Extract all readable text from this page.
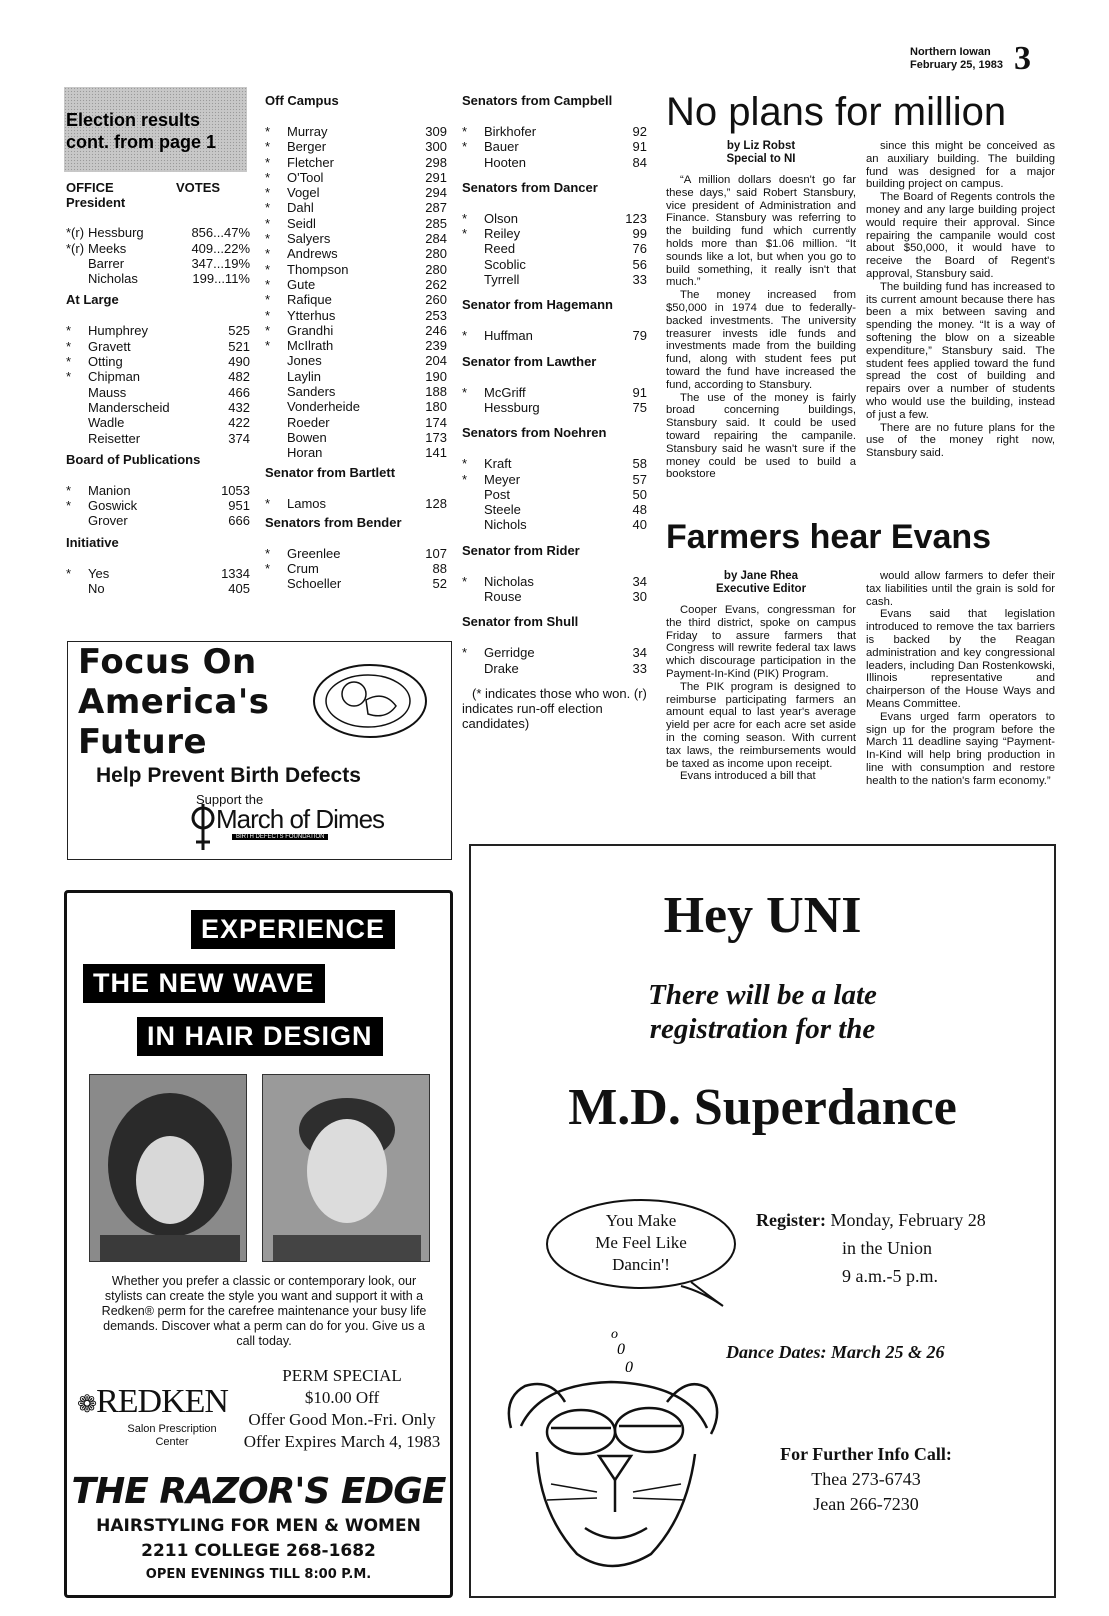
Northern Iowan
February 25, 1983 3
Election results
cont. from page 1
OFFICE	VOTES
President
*(r) Hessburg	856...47%
*(r) Meeks	409...22%
Barrer	347...19%
Nicholas	199...11%
At Large
* Humphrey	525
* Gravett	521
* Otting	490
* Chipman	482
Mauss	466
Manderscheid	432
Wadle	422
Reisetter	374
Board of Publications
* Manion	1053
* Goswick	951
Grover	666
Initiative
* Yes	1334
No	405
Off Campus
* Murray	309
* Berger	300
* Fletcher	298
* O'Tool	291
* Vogel	294
* Dahl	287
* Seidl	285
* Salyers	284
* Andrews	280
* Thompson	280
* Gute	262
* Rafique	260
* Ytterhus	253
* Grandhi	246
* McIlrath	239
Jones	204
Laylin	190
Sanders	188
Vonderheide	180
Roeder	174
Bowen	173
Horan	141
Senator from Bartlett
* Lamos	128
Senators from Bender
* Greenlee	107
* Crum	88
Schoeller	52
Senators from Campbell
* Birkhofer	92
* Bauer	91
Hooten	84
Senators from Dancer
* Olson	123
* Reiley	99
Reed	76
Scoblic	56
Tyrrell	33
Senator from Hagemann
* Huffman	79
Senator from Lawther
* McGriff	91
Hessburg	75
Senators from Noehren
* Kraft	58
* Meyer	57
Post	50
Steele	48
Nichols	40
Senator from Rider
* Nicholas	34
Rouse	30
Senator from Shull
* Gerridge	34
Drake	33
(* indicates those who won. (r) indicates run-off election candidates)
No plans for million
by Liz Robst
Special to NI

“A million dollars doesn't go far these days,” said Robert Stansbury, vice president of Administration and Finance. Stansbury was referring to the building fund which currently holds more than $1.06 million. “It sounds like a lot, but when you go to build something, it really isn't that much.”

The money increased from $50,000 in 1974 due to federally-backed investments. The university treasurer invests idle funds and investments made from the building fund, along with student fees put toward the fund have increased the fund, according to Stansbury.

The use of the money is fairly broad concerning buildings, Stansbury said. It could be used toward repairing the campanile. Stansbury said he wasn't sure if the money could be used to build a bookstore

since this might be conceived as an auxiliary building. The building fund was designed for a major building project on campus.

The Board of Regents controls the money and any large building project would require their approval. Since repairing the campanile would cost about $50,000, it would have to receive the Board of Regent's approval, Stansbury said.

The building fund has increased to its current amount because there has been a mix between saving and spending the money. “It is a way of softening the blow on a sizeable expenditure,” Stansbury said. The student fees applied toward the fund spread the cost of building and repairs over a number of students who would use the building, instead of just a few.

There are no future plans for the use of the money right now, Stansbury said.

Farmers hear Evans
by Jane Rhea
Executive Editor

Cooper Evans, congressman for the third district, spoke on campus Friday to assure farmers that Congress will rewrite federal tax laws which discourage participation in the Payment-In-Kind (PIK) Program.

The PIK program is designed to reimburse participating farmers an amount equal to last year's average yield per acre for each acre set aside in the coming season. With current tax laws, the reimbursements would be taxed as income upon receipt.

Evans introduced a bill that

would allow farmers to defer their tax liabilities until the grain is sold for cash.

Evans said that legislation introduced to remove the tax barriers is backed by the Reagan administration and key congressional leaders, including Dan Rostenkowski, Illinois representative and chairperson of the House Ways and Means Committee.

Evans urged farm operators to sign up for the program before the March 11 deadline saying “Payment-In-Kind will help bring production in line with consumption and restore health to the nation's farm economy.”

Focus On
America's
Future
Help Prevent Birth Defects
Support the
March of Dimes
BIRTH DEFECTS FOUNDATION
EXPERIENCE
THE NEW WAVE
IN HAIR DESIGN
Whether you prefer a classic or contemporary look, our stylists can create the style you want and support it with a Redken® perm for the carefree maintenance your busy life demands. Discover what a perm can do for you. Give us a call today.
❁REDKEN
Salon Prescription Center
PERM SPECIAL
$10.00 Off
Offer Good Mon.-Fri. Only
Offer Expires March 4, 1983
THE RAZOR'S EDGE
HAIRSTYLING FOR MEN & WOMEN
2211 COLLEGE 268-1682
OPEN EVENINGS TILL 8:00 P.M.
Hey UNI
There will be a late
registration for the
M.D. Superdance
You Make
Me Feel Like
Dancin'!
Register: Monday, February 28
in the Union
9 a.m.-5 p.m.
o
0
0
Dance Dates: March 25 & 26
For Further Info Call:
Thea 273-6743
Jean 266-7230
